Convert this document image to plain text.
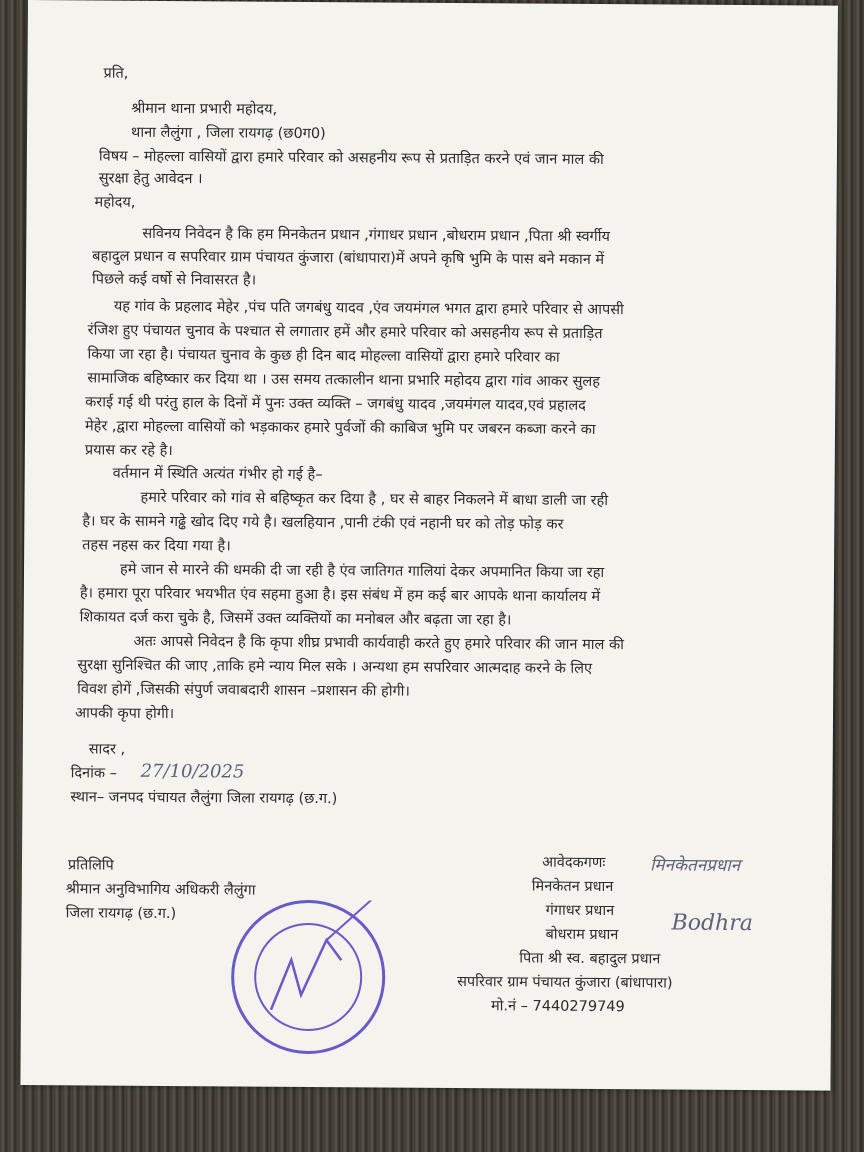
प्रति,
श्रीमान थाना प्रभारी महोदय,
थाना लैलुंगा , जिला रायगढ़ (छ0ग0)
विषय – मोहल्ला वासियों द्वारा हमारे परिवार को असहनीय रूप से प्रताड़ित करने एवं जान माल की
सुरक्षा हेतु आवेदन ।
महोदय,
सविनय निवेदन है कि हम मिनकेतन प्रधान ,गंगाधर प्रधान ,बोधराम प्रधान ,पिता श्री स्वर्गीय
बहादुल प्रधान व सपरिवार ग्राम पंचायत कुंजारा (बांधापारा)में अपने कृषि भुमि के पास बने मकान में
पिछले कई वर्षो से निवासरत है।
यह गांव के प्रहलाद मेहेर ,पंच पति जगबंधु यादव ,एंव जयमंगल भगत द्वारा हमारे परिवार से आपसी
रंजिश हुए पंचायत चुनाव के पश्चात से लगातार हमें और हमारे परिवार को असहनीय रूप से प्रताड़ित
किया जा रहा है। पंचायत चुनाव के कुछ ही दिन बाद मोहल्ला वासियों द्वारा हमारे परिवार का
सामाजिक बहिष्कार कर दिया था । उस समय तत्कालीन थाना प्रभारि महोदय द्वारा गांव आकर सुलह
कराई गई थी परंतु हाल के दिनों में पुनः उक्त व्यक्ति – जगबंधु यादव ,जयमंगल यादव,एवं प्रहालद
मेहेर ,द्वारा मोहल्ला वासियों को भड़काकर हमारे पुर्वजों की काबिज भुमि पर जबरन कब्जा करने का
प्रयास कर रहे है।
वर्तमान में स्थिति अत्यंत गंभीर हो गई है–
हमारे परिवार को गांव से बहिष्कृत कर दिया है , घर से बाहर निकलने में बाधा डाली जा रही
है। घर के सामने गढ्ढे खोद दिए गये है। खलहियान ,पानी टंकी एवं नहानी घर को तोड़ फोड़ कर
तहस नहस कर दिया गया है।
हमे जान से मारने की धमकी दी जा रही है एंव जातिगत गालियां देकर अपमानित किया जा रहा
है। हमारा पूरा परिवार भयभीत एंव सहमा हुआ है। इस संबंध में हम कई बार आपके थाना कार्यालय में
शिकायत दर्ज करा चुके है, जिसमें उक्त व्यक्तियों का मनोबल और बढ़ता जा रहा है।
अतः आपसे निवेदन है कि कृपा शीघ्र प्रभावी कार्यवाही करते हुए हमारे परिवार की जान माल की
सुरक्षा सुनिश्चित की जाए ,ताकि हमे न्याय मिल सके । अन्यथा हम सपरिवार आत्मदाह करने के लिए
विवश होगें ,जिसकी संपुर्ण जवाबदारी शासन –प्रशासन की होगी।
आपकी कृपा होगी।
सादर ,
दिनांक – 27/10/2025
स्थान– जनपद पंचायत लैलुंगा जिला रायगढ़ (छ.ग.)
प्रतिलिपि
श्रीमान अनुविभागिय अधिकरी लैलुंगा
जिला रायगढ़ (छ.ग.)
आवेदकगणः	मिनकेतनप्रधान
मिनकेतन प्रधान
गंगाधर प्रधान
बोधराम प्रधान Bodhra
पिता श्री स्व. बहादुल प्रधान
सपरिवार ग्राम पंचायत कुंजारा (बांधापारा)
मो.नं – 7440279749
